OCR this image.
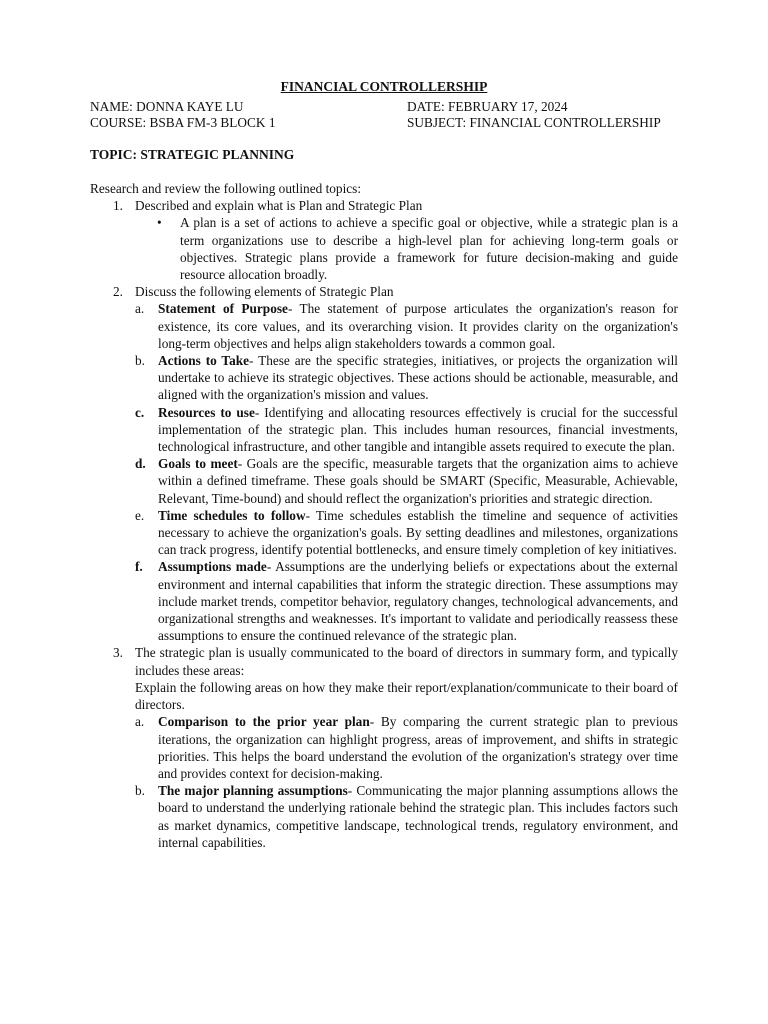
FINANCIAL CONTROLLERSHIP
NAME: DONNA KAYE LU	DATE: FEBRUARY 17, 2024
COURSE: BSBA FM-3 BLOCK 1	SUBJECT: FINANCIAL CONTROLLERSHIP
TOPIC: STRATEGIC PLANNING

Research and review the following outlined topics:

1. Described and explain what is Plan and Strategic Plan

• A plan is a set of actions to achieve a specific goal or objective, while a strategic plan is a term organizations use to describe a high-level plan for achieving long-term goals or objectives. Strategic plans provide a framework for future decision-making and guide resource allocation broadly.

2. Discuss the following elements of Strategic Plan

a. Statement of Purpose- The statement of purpose articulates the organization's reason for existence, its core values, and its overarching vision. It provides clarity on the organization's long-term objectives and helps align stakeholders towards a common goal.

b. Actions to Take- These are the specific strategies, initiatives, or projects the organization will undertake to achieve its strategic objectives. These actions should be actionable, measurable, and aligned with the organization's mission and values.

c. Resources to use- Identifying and allocating resources effectively is crucial for the successful implementation of the strategic plan. This includes human resources, financial investments, technological infrastructure, and other tangible and intangible assets required to execute the plan.

d. Goals to meet- Goals are the specific, measurable targets that the organization aims to achieve within a defined timeframe. These goals should be SMART (Specific, Measurable, Achievable, Relevant, Time-bound) and should reflect the organization's priorities and strategic direction.

e. Time schedules to follow- Time schedules establish the timeline and sequence of activities necessary to achieve the organization's goals. By setting deadlines and milestones, organizations can track progress, identify potential bottlenecks, and ensure timely completion of key initiatives.

f. Assumptions made- Assumptions are the underlying beliefs or expectations about the external environment and internal capabilities that inform the strategic direction. These assumptions may include market trends, competitor behavior, regulatory changes, technological advancements, and organizational strengths and weaknesses. It's important to validate and periodically reassess these assumptions to ensure the continued relevance of the strategic plan.

3. The strategic plan is usually communicated to the board of directors in summary form, and typically includes these areas:

Explain the following areas on how they make their report/explanation/communicate to their board of directors.

a. Comparison to the prior year plan- By comparing the current strategic plan to previous iterations, the organization can highlight progress, areas of improvement, and shifts in strategic priorities. This helps the board understand the evolution of the organization's strategy over time and provides context for decision-making.

b. The major planning assumptions- Communicating the major planning assumptions allows the board to understand the underlying rationale behind the strategic plan. This includes factors such as market dynamics, competitive landscape, technological trends, regulatory environment, and internal capabilities.
